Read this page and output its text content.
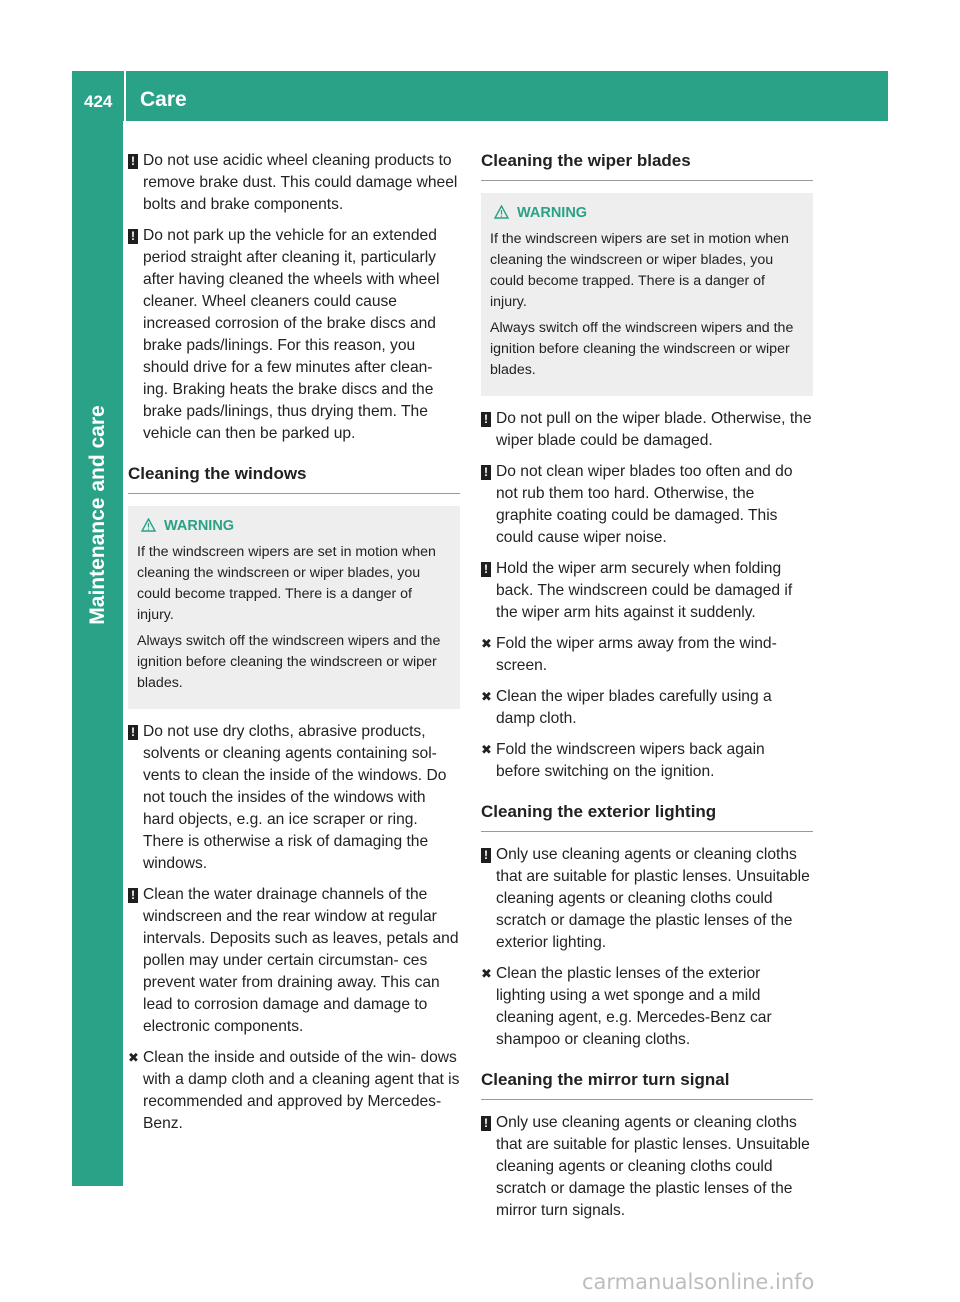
424 Care
Maintenance and care
! Do not use acidic wheel cleaning products to remove brake dust. This could damage wheel bolts and brake components.
! Do not park up the vehicle for an extended period straight after cleaning it, particularly after having cleaned the wheels with wheel cleaner. Wheel cleaners could cause increased corrosion of the brake discs and brake pads/linings. For this reason, you should drive for a few minutes after clean- ing. Braking heats the brake discs and the brake pads/linings, thus drying them. The vehicle can then be parked up.
Cleaning the windows
WARNING

If the windscreen wipers are set in motion when cleaning the windscreen or wiper blades, you could become trapped. There is a danger of injury.

Always switch off the windscreen wipers and the ignition before cleaning the windscreen or wiper blades.

! Do not use dry cloths, abrasive products, solvents or cleaning agents containing sol- vents to clean the inside of the windows. Do not touch the insides of the windows with hard objects, e.g. an ice scraper or ring. There is otherwise a risk of damaging the windows.
! Clean the water drainage channels of the windscreen and the rear window at regular intervals. Deposits such as leaves, petals and pollen may under certain circumstan- ces prevent water from draining away. This can lead to corrosion damage and damage to electronic components.
✖ Clean the inside and outside of the win- dows with a damp cloth and a cleaning agent that is recommended and approved by Mercedes-Benz.
Cleaning the wiper blades
WARNING

If the windscreen wipers are set in motion when cleaning the windscreen or wiper blades, you could become trapped. There is a danger of injury.

Always switch off the windscreen wipers and the ignition before cleaning the windscreen or wiper blades.

! Do not pull on the wiper blade. Otherwise, the wiper blade could be damaged.
! Do not clean wiper blades too often and do not rub them too hard. Otherwise, the graphite coating could be damaged. This could cause wiper noise.
! Hold the wiper arm securely when folding back. The windscreen could be damaged if the wiper arm hits against it suddenly.
✖ Fold the wiper arms away from the wind- screen.
✖ Clean the wiper blades carefully using a damp cloth.
✖ Fold the windscreen wipers back again before switching on the ignition.
Cleaning the exterior lighting
! Only use cleaning agents or cleaning cloths that are suitable for plastic lenses. Unsuitable cleaning agents or cleaning cloths could scratch or damage the plastic lenses of the exterior lighting.
✖ Clean the plastic lenses of the exterior lighting using a wet sponge and a mild cleaning agent, e.g. Mercedes-Benz car shampoo or cleaning cloths.
Cleaning the mirror turn signal
! Only use cleaning agents or cleaning cloths that are suitable for plastic lenses. Unsuitable cleaning agents or cleaning cloths could scratch or damage the plastic lenses of the mirror turn signals.
carmanualsonline.info
